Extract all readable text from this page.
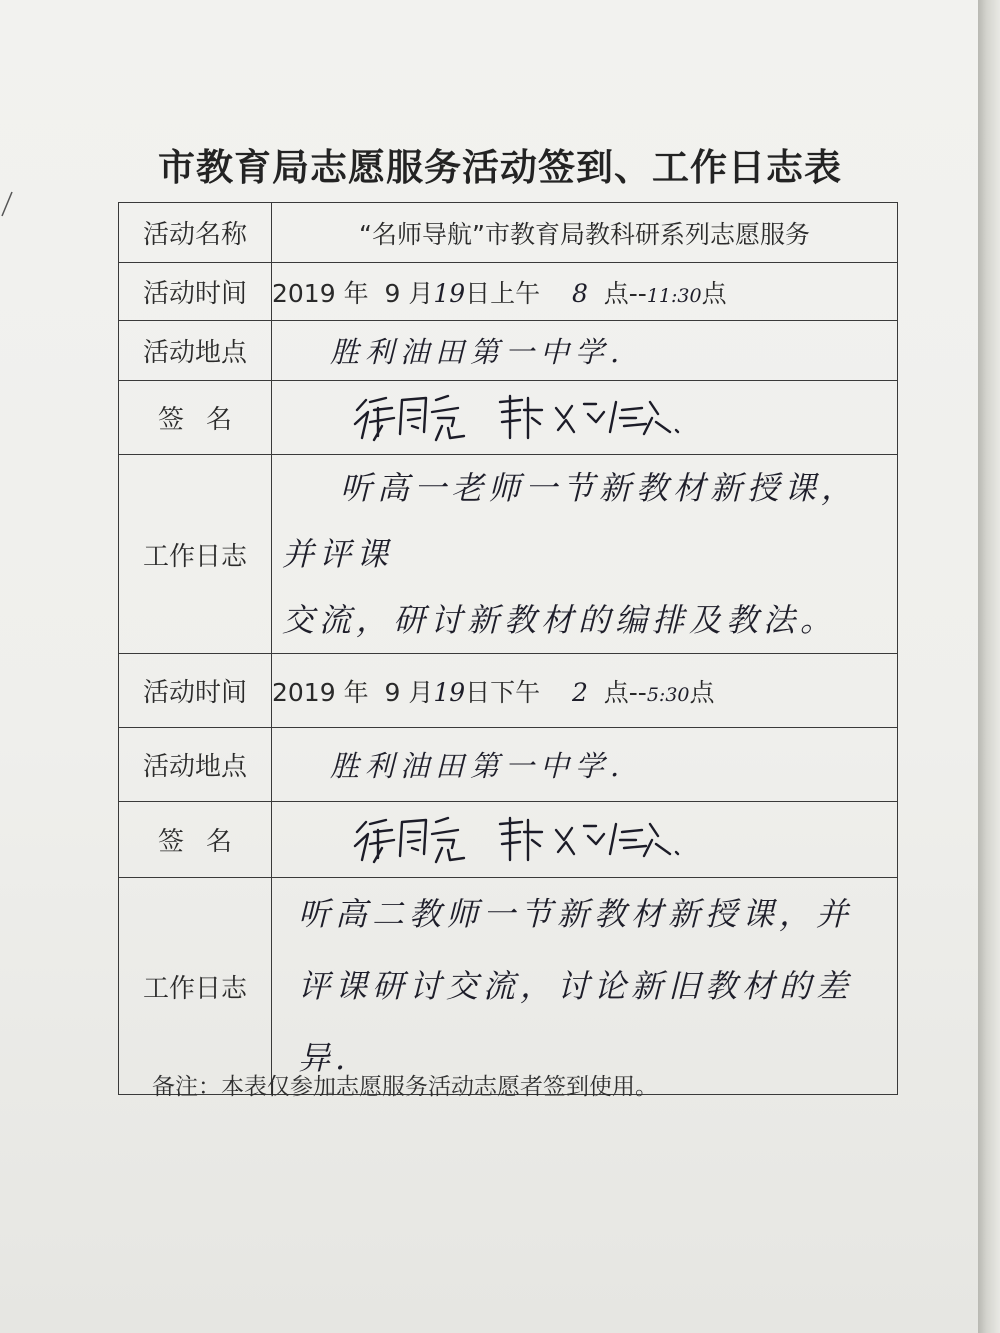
市教育局志愿服务活动签到、工作日志表
活动名称	“名师导航”市教育局教科研系列志愿服务
活动时间	2019 年 9 月19日上午 8 点--11:30点
活动地点	胜利油田第一中学.
签名	

工作日志	听高一老师一节新教材新授课，并评课
交流，研讨新教材的编排及教法。

活动时间	2019 年 9 月19日下午 2 点--5:30点
活动地点	胜利油田第一中学.
签名	

工作日志	听高二教师一节新教材新授课，并
评课研讨交流，讨论新旧教材的差异.
备注：本表仅参加志愿服务活动志愿者签到使用。
